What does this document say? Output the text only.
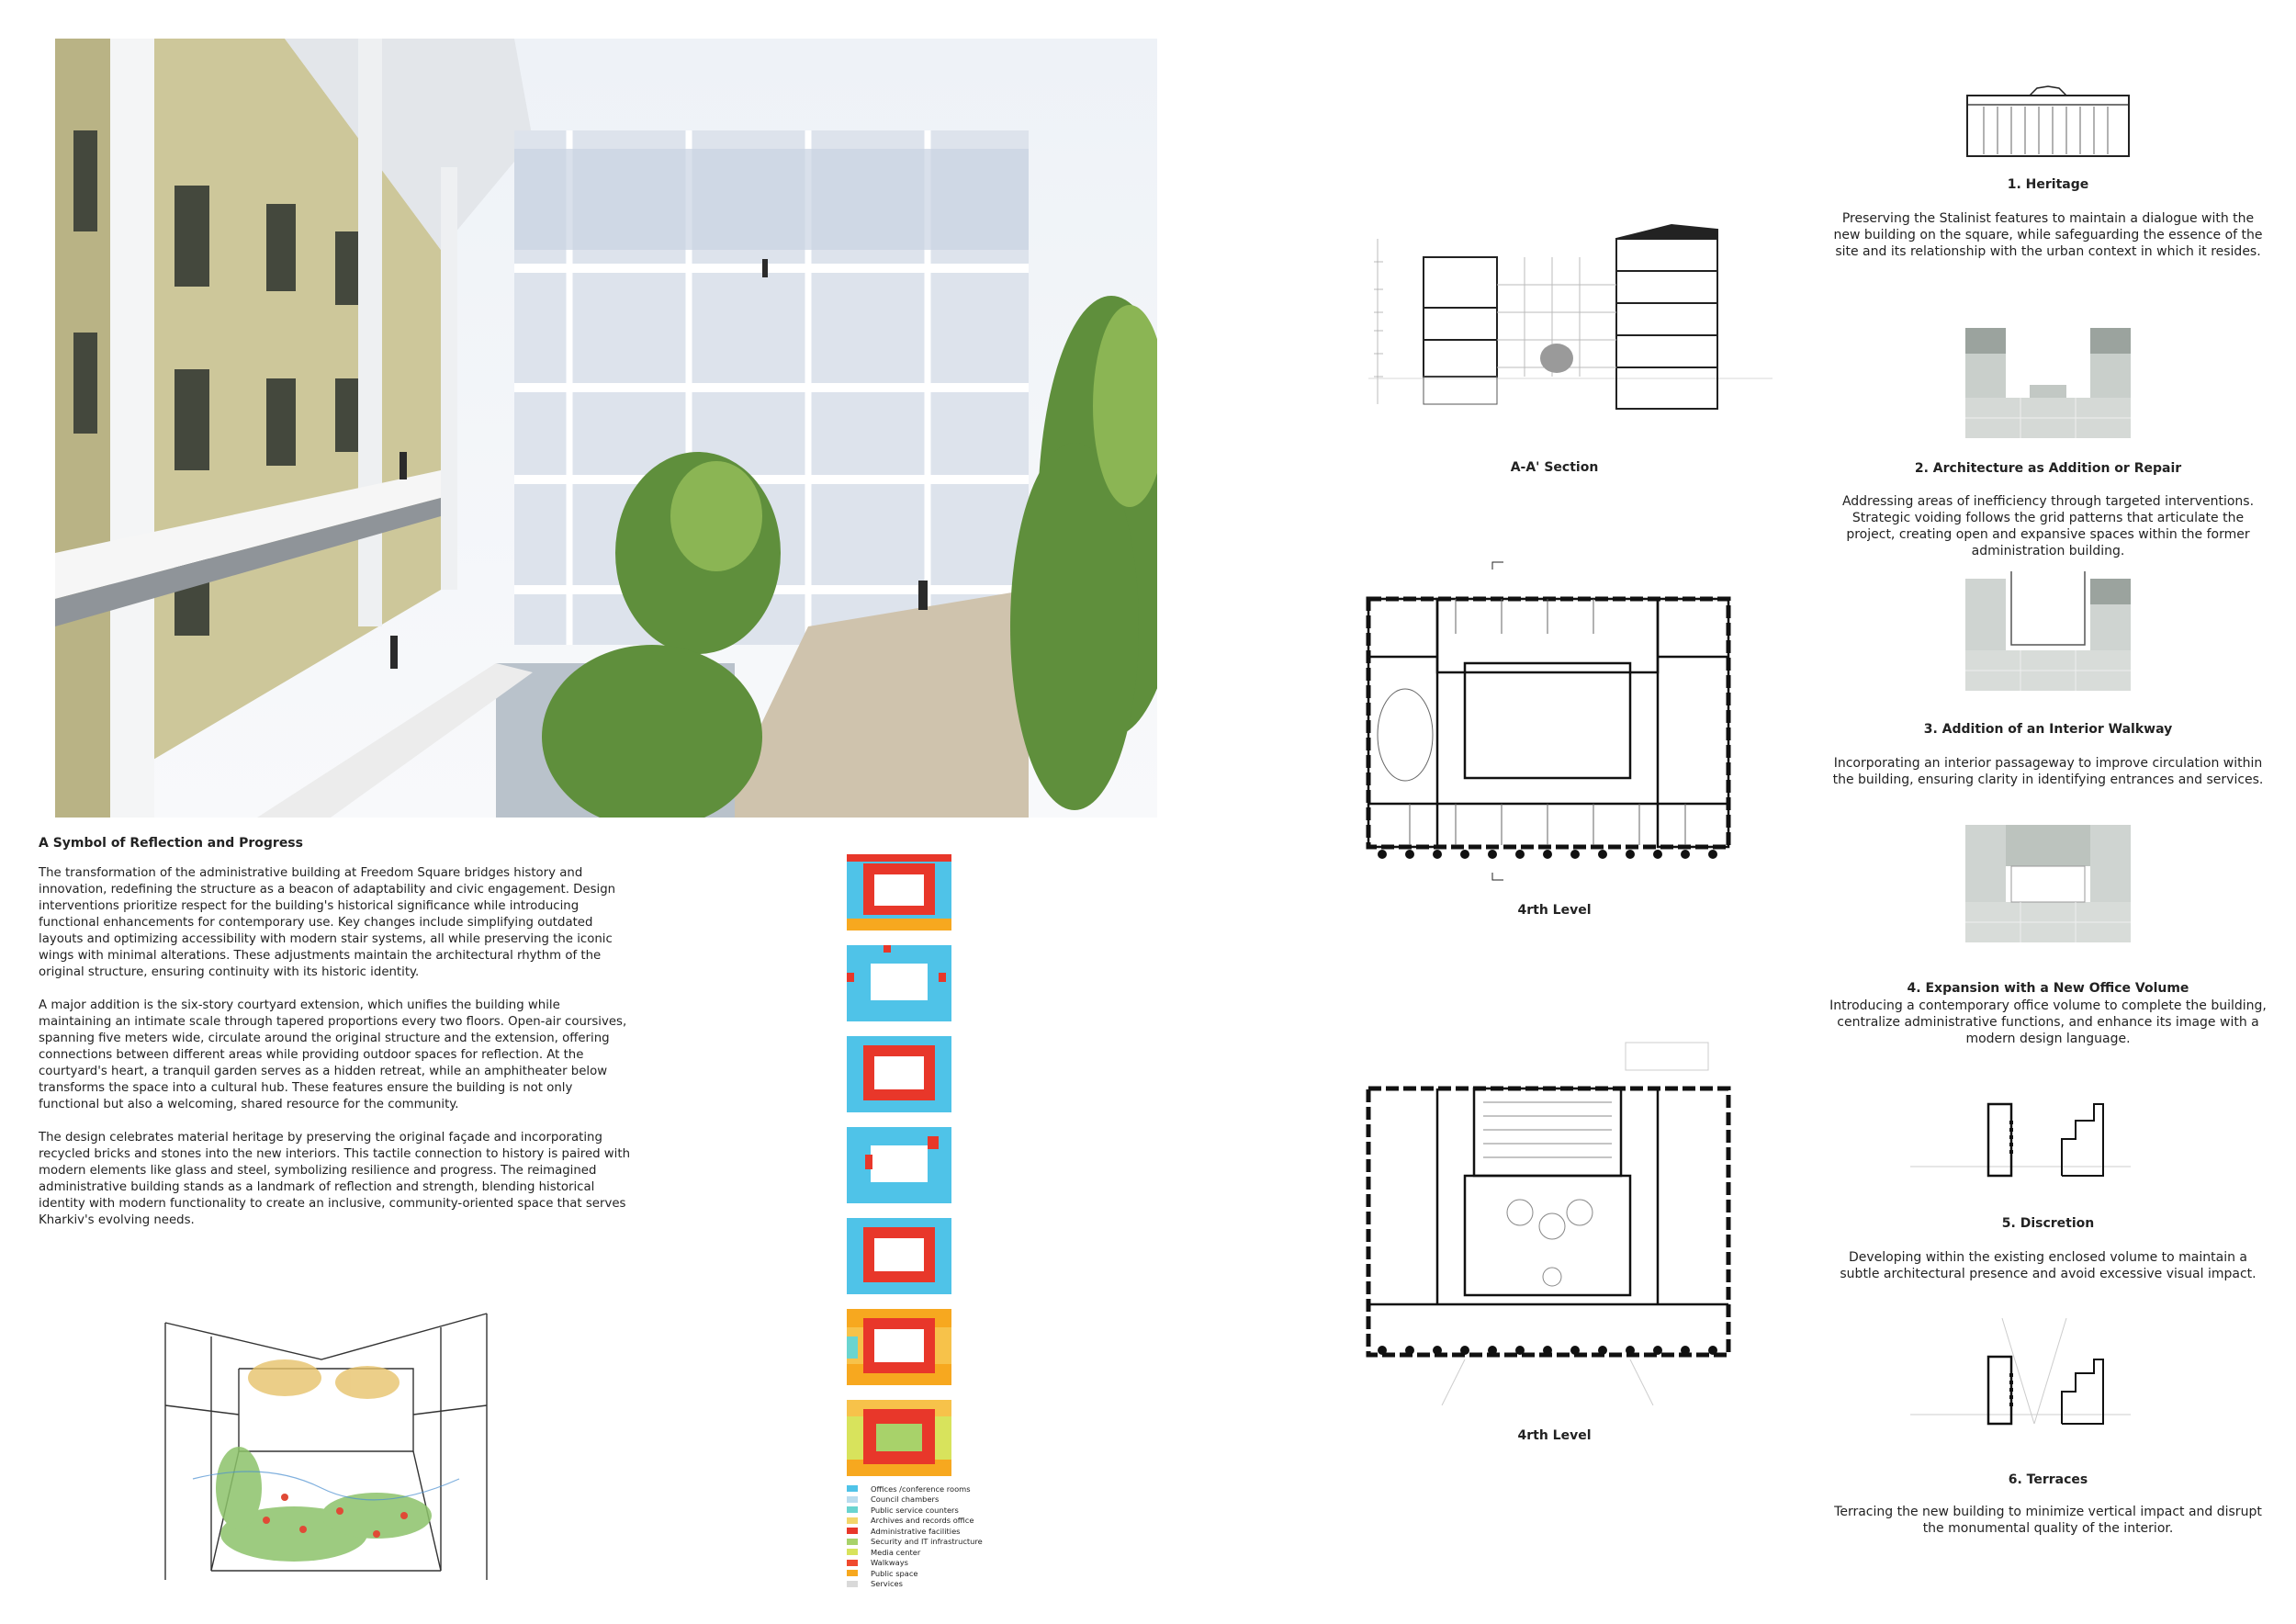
A Symbol of Reflection and Progress

The transformation of the administrative building at Freedom Square bridges history and innovation, redefining the structure as a beacon of adaptability and civic engagement. Design interventions prioritize respect for the building's historical significance while introducing functional enhancements for contemporary use. Key changes include simplifying outdated layouts and optimizing accessibility with modern stair systems, all while preserving the iconic wings with minimal alterations. These adjustments maintain the architectural rhythm of the original structure, ensuring continuity with its historic identity.

A major addition is the six-story courtyard extension, which unifies the building while maintaining an intimate scale through tapered proportions every two floors. Open-air coursives, spanning five meters wide, circulate around the original structure and the extension, offering connections between different areas while providing outdoor spaces for reflection. At the courtyard's heart, a tranquil garden serves as a hidden retreat, while an amphitheater below transforms the space into a cultural hub. These features ensure the building is not only functional but also a welcoming, shared resource for the community.

The design celebrates material heritage by preserving the original façade and incorporating recycled bricks and stones into the new interiors. This tactile connection to history is paired with modern elements like glass and steel, symbolizing resilience and progress. The reimagined administrative building stands as a landmark of reflection and strength, blending historical identity with modern functionality to create an inclusive, community-oriented space that serves Kharkiv's evolving needs.

Offices /conference rooms
Council chambers
Public service counters
Archives and records office
Administrative facilities
Security and IT infrastructure
Media center
Walkways
Public space
Services
A-A' Section
4rth Level
4rth Level
1. Heritage
Preserving the Stalinist features to maintain a dialogue with the new building on the square, while safeguarding the essence of the site and its relationship with the urban context in which it resides.
2. Architecture as Addition or Repair
Addressing areas of inefficiency through targeted interventions. Strategic voiding follows the grid patterns that articulate the project, creating open and expansive spaces within the former administration building.
3. Addition of an Interior Walkway
Incorporating an interior passageway to improve circulation within the building, ensuring clarity in identifying entrances and services.
4. Expansion with a New Office Volume
Introducing a contemporary office volume to complete the building, centralize administrative functions, and enhance its image with a modern design language.
5. Discretion
Developing within the existing enclosed volume to maintain a subtle architectural presence and avoid excessive visual impact.
6. Terraces
Terracing the new building to minimize vertical impact and disrupt the monumental quality of the interior.
